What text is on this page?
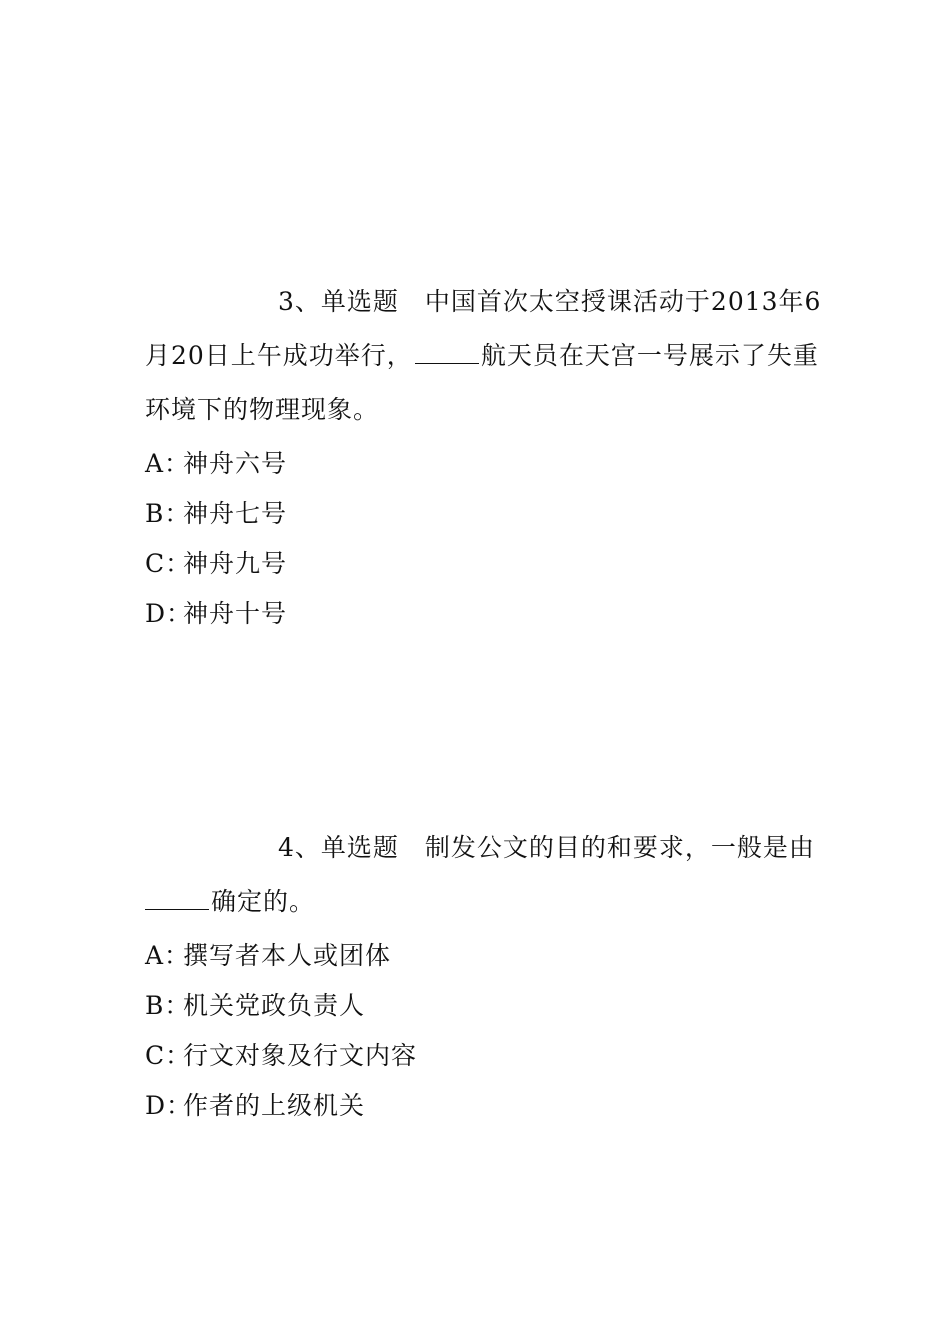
3、单选题 中国首次太空授课活动于2013年6
月20日上午成功举行，	航天员在天宫一号展示了失重
环境下的物理现象。
A：神舟六号
B：神舟七号
C：神舟九号
D：神舟十号
4、单选题 制发公文的目的和要求，一般是由
确定的。
A：撰写者本人或团体
B：机关党政负责人
C：行文对象及行文内容
D：作者的上级机关
